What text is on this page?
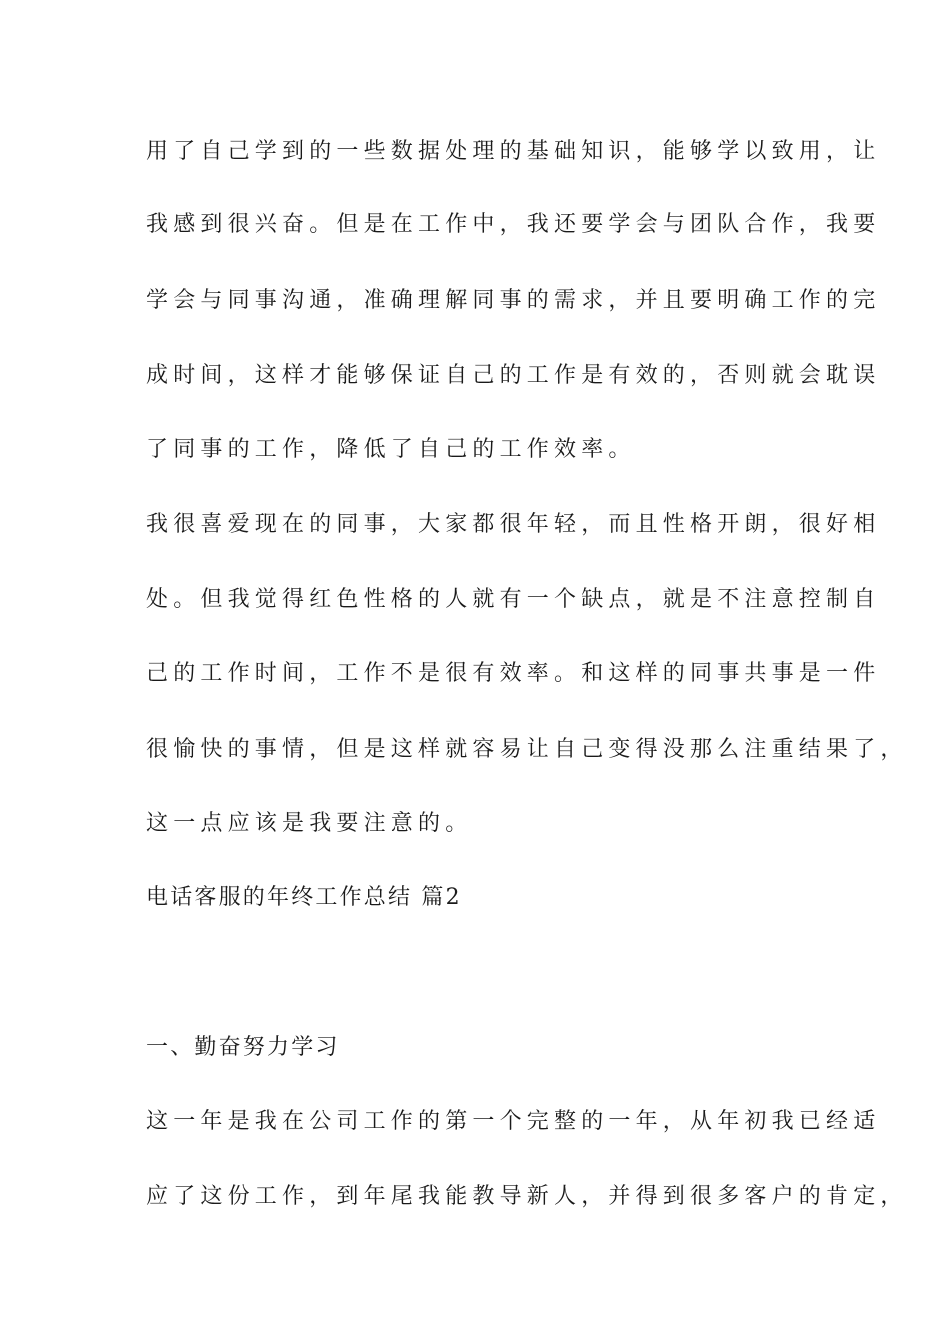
用了自己学到的一些数据处理的基础知识，能够学以致用，让
我感到很兴奋。但是在工作中，我还要学会与团队合作，我要
学会与同事沟通，准确理解同事的需求，并且要明确工作的完
成时间，这样才能够保证自己的工作是有效的，否则就会耽误
了同事的工作，降低了自己的工作效率。
我很喜爱现在的同事，大家都很年轻，而且性格开朗，很好相
处。但我觉得红色性格的人就有一个缺点，就是不注意控制自
己的工作时间，工作不是很有效率。和这样的同事共事是一件
很愉快的事情，但是这样就容易让自己变得没那么注重结果了，
这一点应该是我要注意的。
电话客服的年终工作总结 篇2
一、勤奋努力学习
这一年是我在公司工作的第一个完整的一年，从年初我已经适
应了这份工作，到年尾我能教导新人，并得到很多客户的肯定，
